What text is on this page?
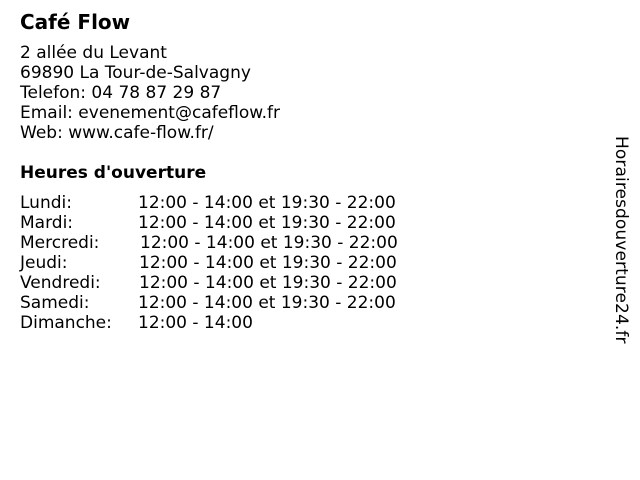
Café Flow
2 allée du Levant
69890 La Tour-de-Salvagny
Telefon: 04 78 87 29 87
Email: evenement@cafeflow.fr
Web: www.cafe-flow.fr/
Heures d'ouverture
Lundi:	12:00 - 14:00 et 19:30 - 22:00
Mardi:	12:00 - 14:00 et 19:30 - 22:00
Mercredi: 12:00 - 14:00 et 19:30 - 22:00
Jeudi:	12:00 - 14:00 et 19:30 - 22:00
Vendredi: 12:00 - 14:00 et 19:30 - 22:00
Samedi:	12:00 - 14:00 et 19:30 - 22:00
Dimanche: 12:00 - 14:00	Horairesdouverture24.fr
